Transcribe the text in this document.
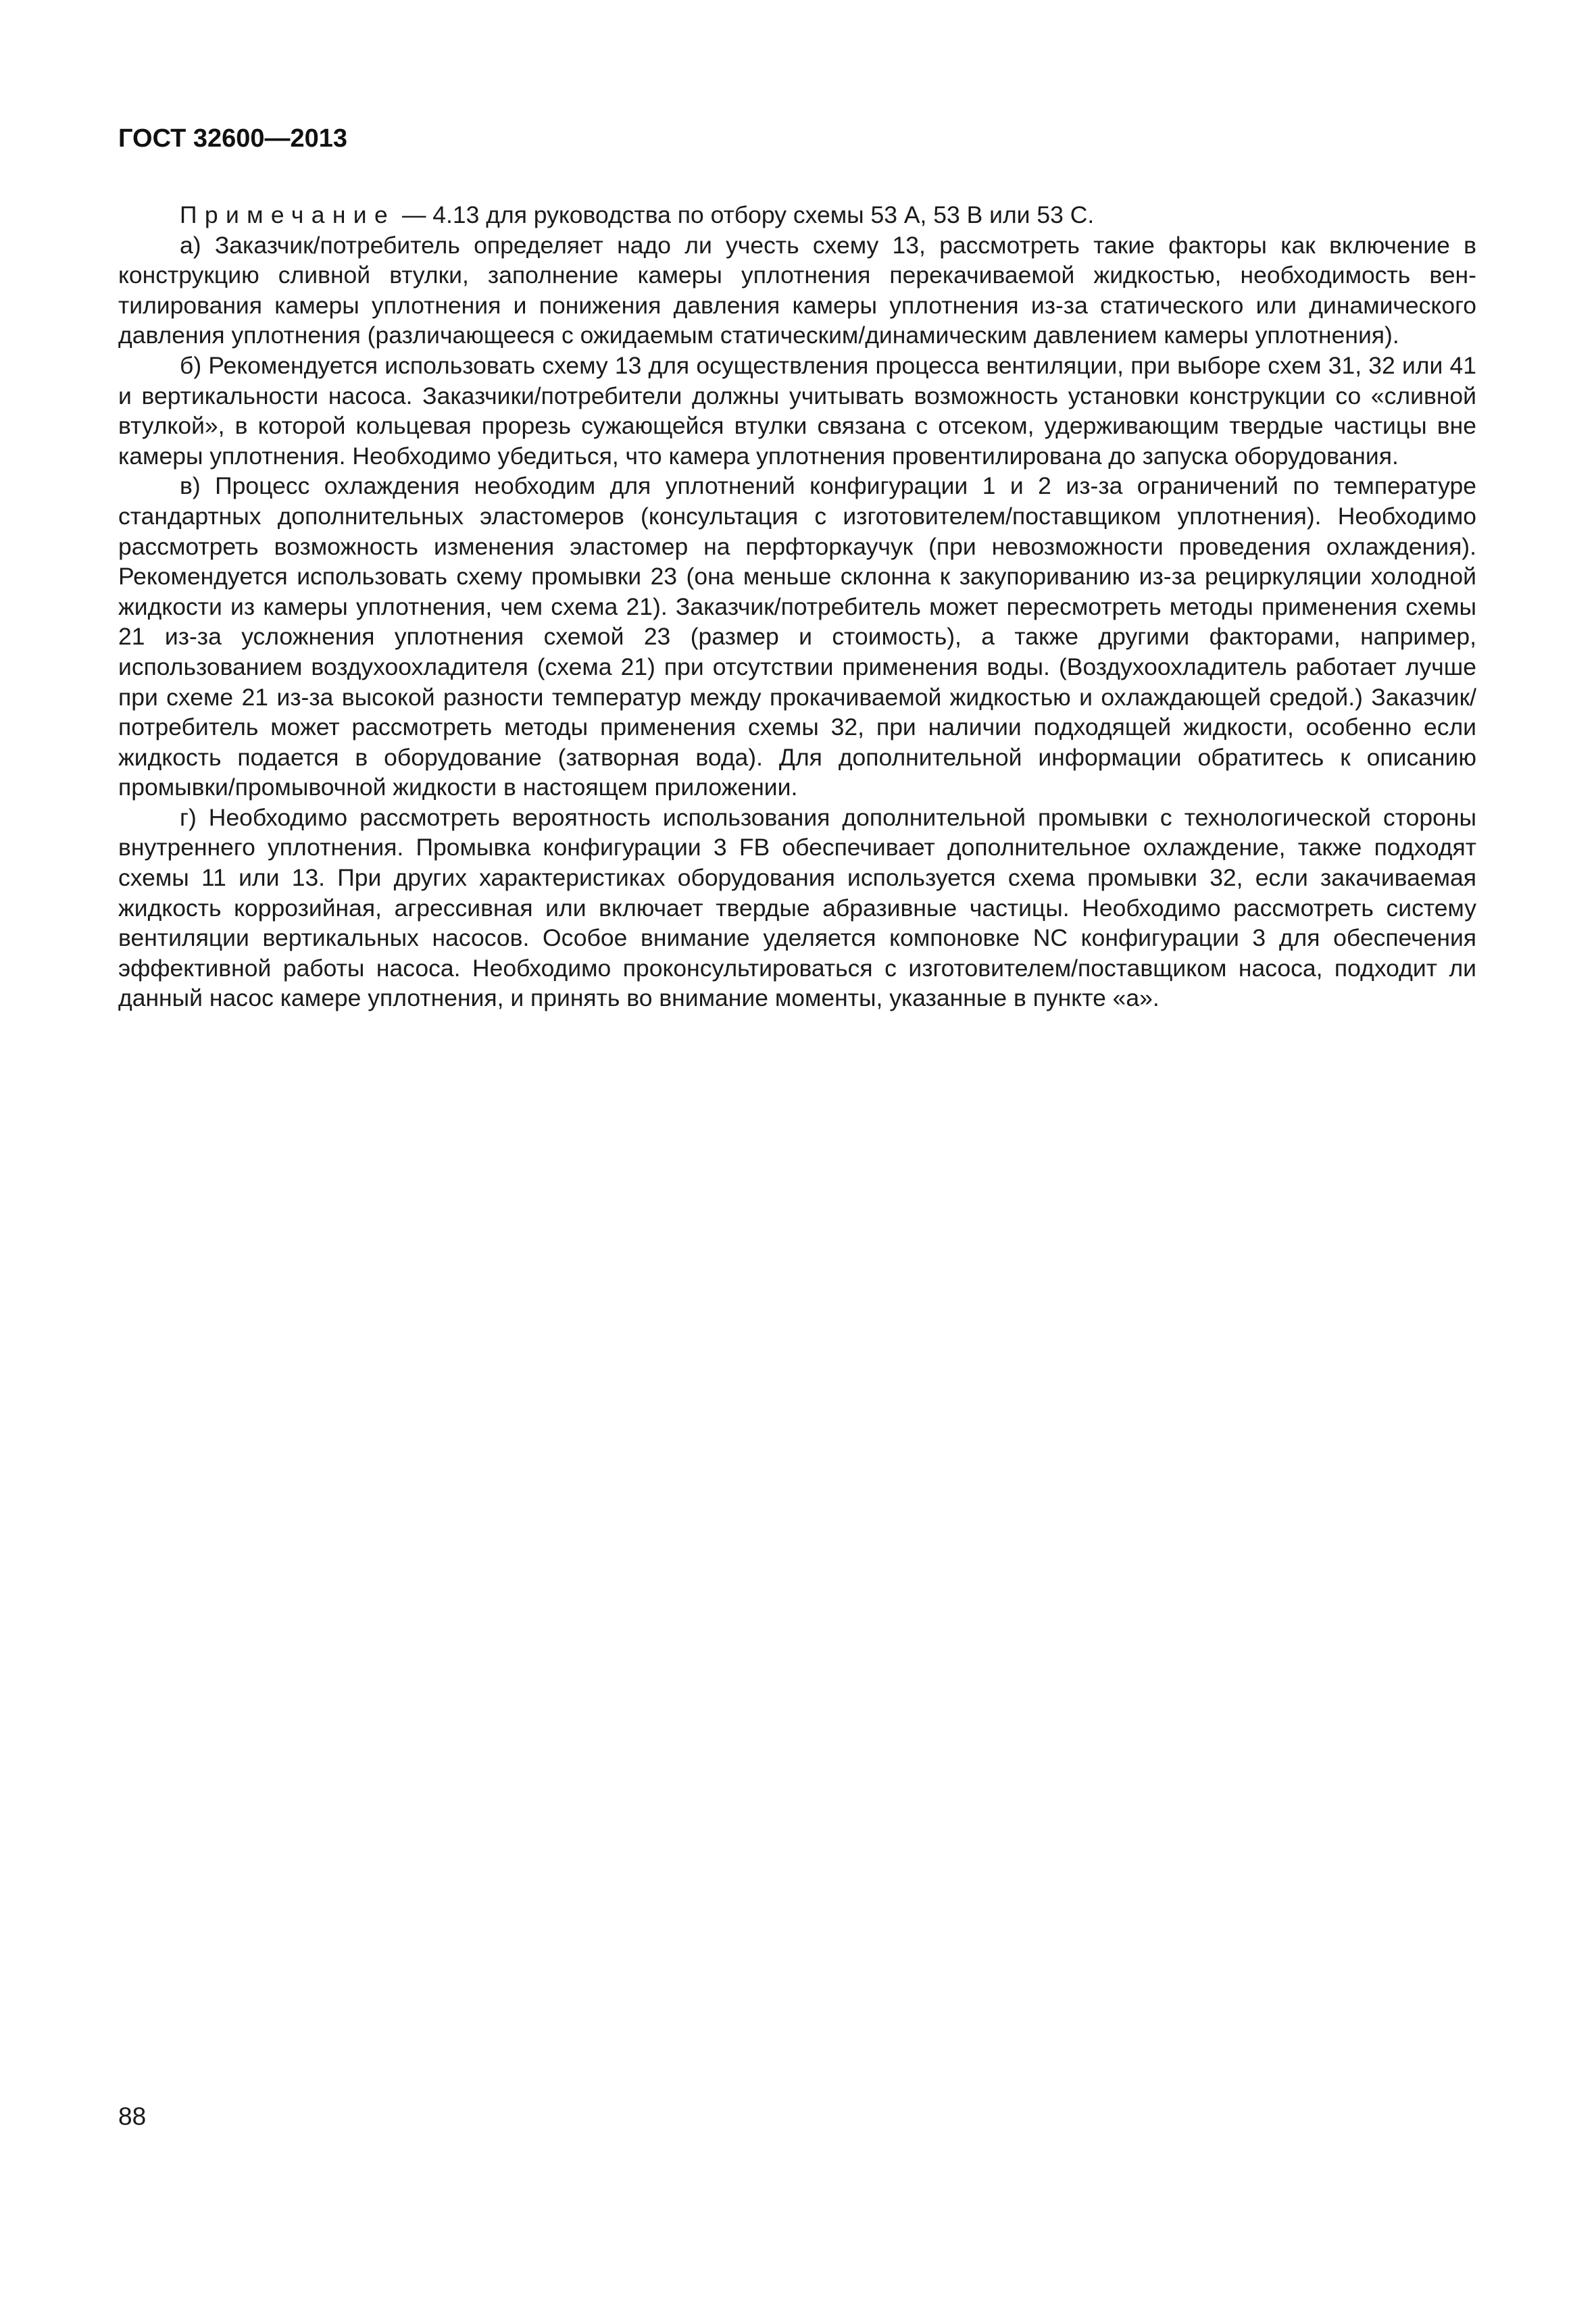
ГОСТ 32600—2013

Примечание — 4.13 для руководства по отбору схемы 53 А, 53 В или 53 С.

а) Заказчик/потребитель определяет надо ли учесть схему 13, рассмотреть такие факторы как включение в конструкцию сливной втулки, заполнение камеры уплотнения перекачиваемой жидкостью, необходимость вентилирования камеры уплотнения и понижения давления камеры уплотнения из-за статического или динамического давления уплотнения (различающееся с ожидаемым статическим/динамическим давлением камеры уплотнения).

б) Рекомендуется использовать схему 13 для осуществления процесса вентиляции, при выборе схем 31, 32 или 41 и вертикальности насоса. Заказчики/потребители должны учитывать возможность установки конструкции со «сливной втулкой», в которой кольцевая прорезь сужающейся втулки связана с отсеком, удерживающим твердые частицы вне камеры уплотнения. Необходимо убедиться, что камера уплотнения провентилирована до запуска оборудования.

в) Процесс охлаждения необходим для уплотнений конфигурации 1 и 2 из-за ограничений по температуре стандартных дополнительных эластомеров (консультация с изготовителем/поставщиком уплотнения). Необходимо рассмотреть возможность изменения эластомер на перфторкаучук (при невозможности проведения охлаждения). Рекомендуется использовать схему промывки 23 (она меньше склонна к закупориванию из-за рециркуляции холодной жидкости из камеры уплотнения, чем схема 21). Заказчик/потребитель может пересмотреть методы применения схемы 21 из-за усложнения уплотнения схемой 23 (размер и стоимость), а также другими факторами, например, использованием воздухоохладителя (схема 21) при отсутствии применения воды. (Воздухоохладитель работает лучше при схеме 21 из-за высокой разности температур между прокачиваемой жидкостью и охлаждающей средой.) Заказчик/потребитель может рассмотреть методы применения схемы 32, при наличии подходящей жидкости, особенно если жидкость подается в оборудование (затворная вода). Для дополнительной информации обратитесь к описанию промывки/промывочной жидкости в настоящем приложении.

г) Необходимо рассмотреть вероятность использования дополнительной промывки с технологической стороны внутреннего уплотнения. Промывка конфигурации 3 FB обеспечивает дополнительное охлаждение, также подходят схемы 11 или 13. При других характеристиках оборудования используется схема промывки 32, если закачиваемая жидкость коррозийная, агрессивная или включает твердые абразивные частицы. Необходимо рассмотреть систему вентиляции вертикальных насосов. Особое внимание уделяется компоновке NC конфигурации 3 для обеспечения эффективной работы насоса. Необходимо проконсультироваться с изготовителем/поставщиком насоса, подходит ли данный насос камере уплотнения, и принять во внимание моменты, указанные в пункте «а».

88
